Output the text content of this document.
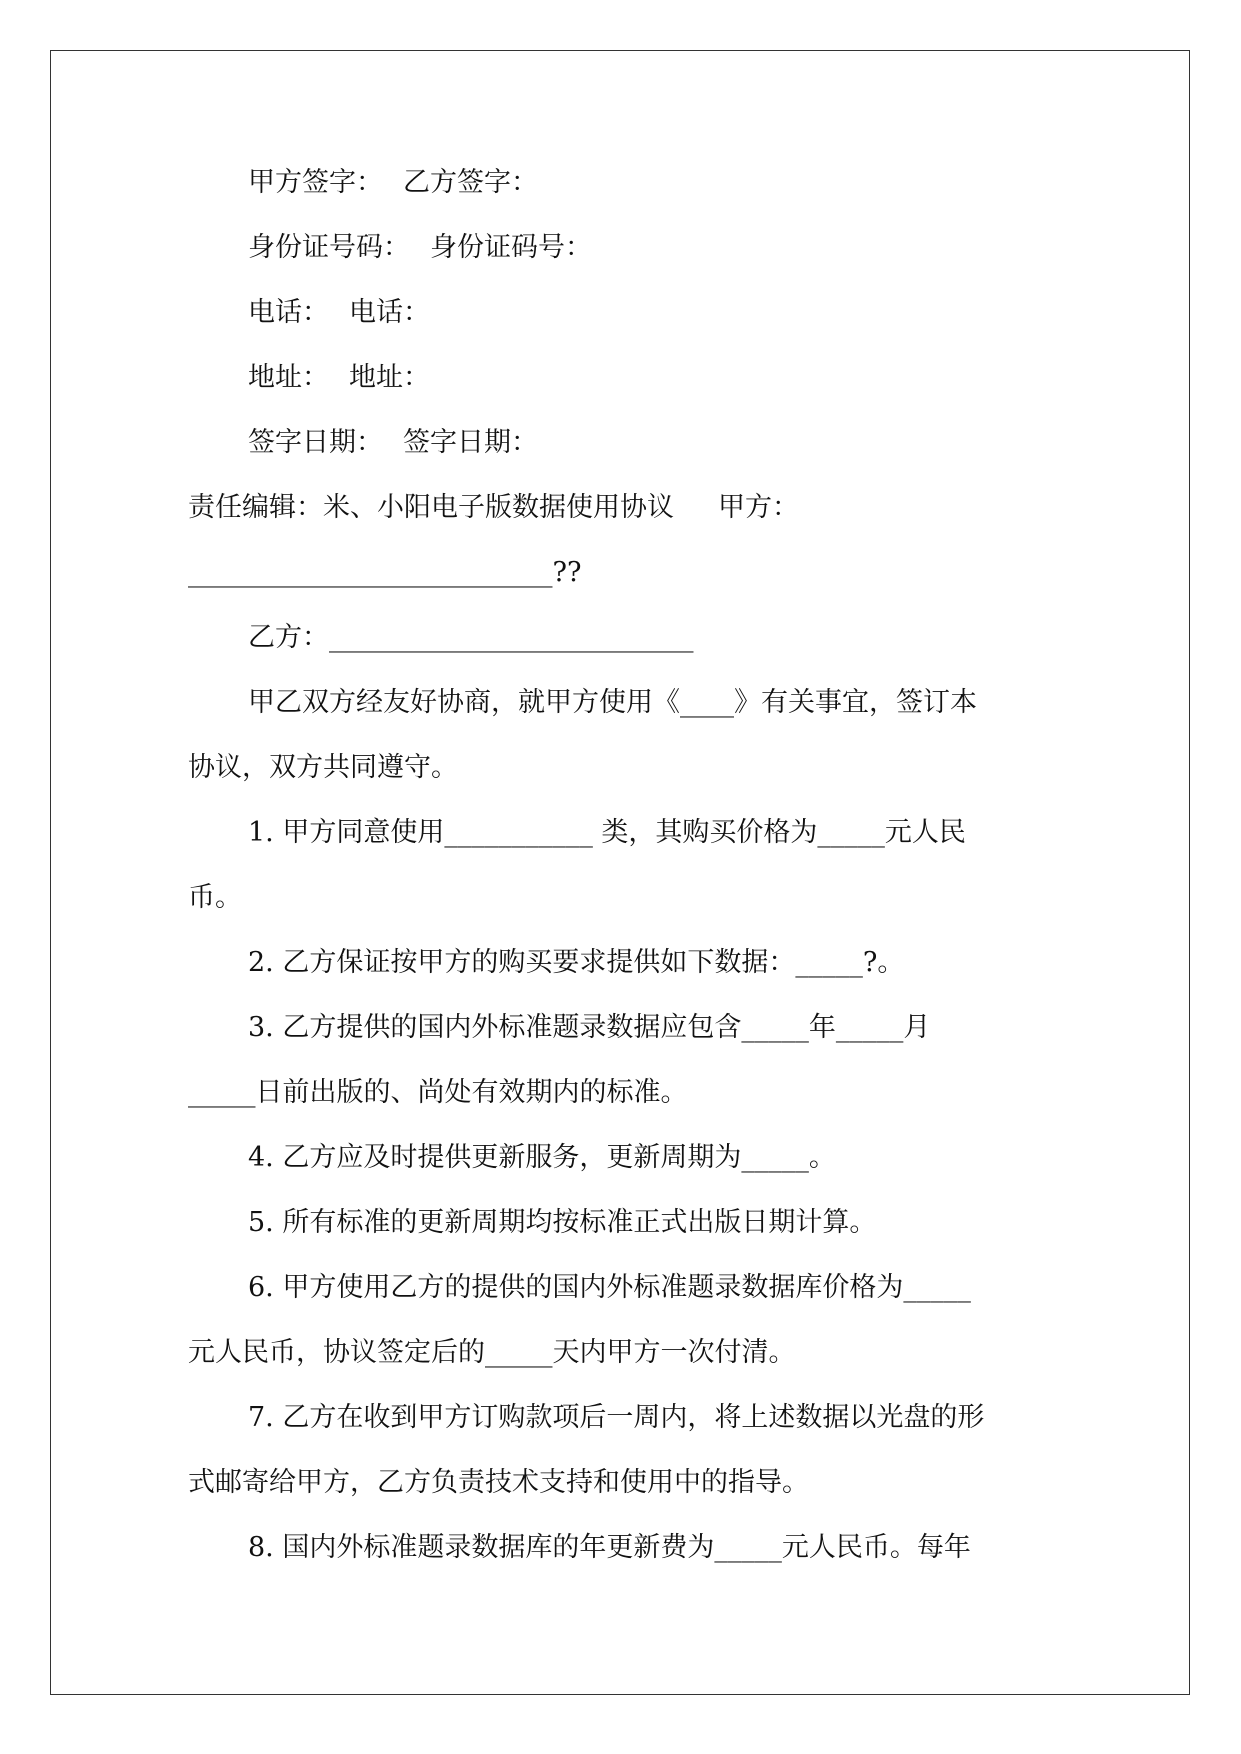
甲方签字： 乙方签字：
身份证号码： 身份证码号：
电话： 电话：
地址： 地址：
签字日期： 签字日期：
责任编辑：米、小阳电子版数据使用协议 甲方：
___________________________??
乙方：___________________________
甲乙双方经友好协商，就甲方使用《____》有关事宜，签订本
协议，双方共同遵守。
1. 甲方同意使用___________ 类，其购买价格为_____元人民
币。
2. 乙方保证按甲方的购买要求提供如下数据：_____?。
3. 乙方提供的国内外标准题录数据应包含_____年_____月
_____日前出版的、尚处有效期内的标准。
4. 乙方应及时提供更新服务，更新周期为_____。
5. 所有标准的更新周期均按标准正式出版日期计算。
6. 甲方使用乙方的提供的国内外标准题录数据库价格为_____
元人民币，协议签定后的_____天内甲方一次付清。
7. 乙方在收到甲方订购款项后一周内，将上述数据以光盘的形
式邮寄给甲方，乙方负责技术支持和使用中的指导。
8. 国内外标准题录数据库的年更新费为_____元人民币。每年
